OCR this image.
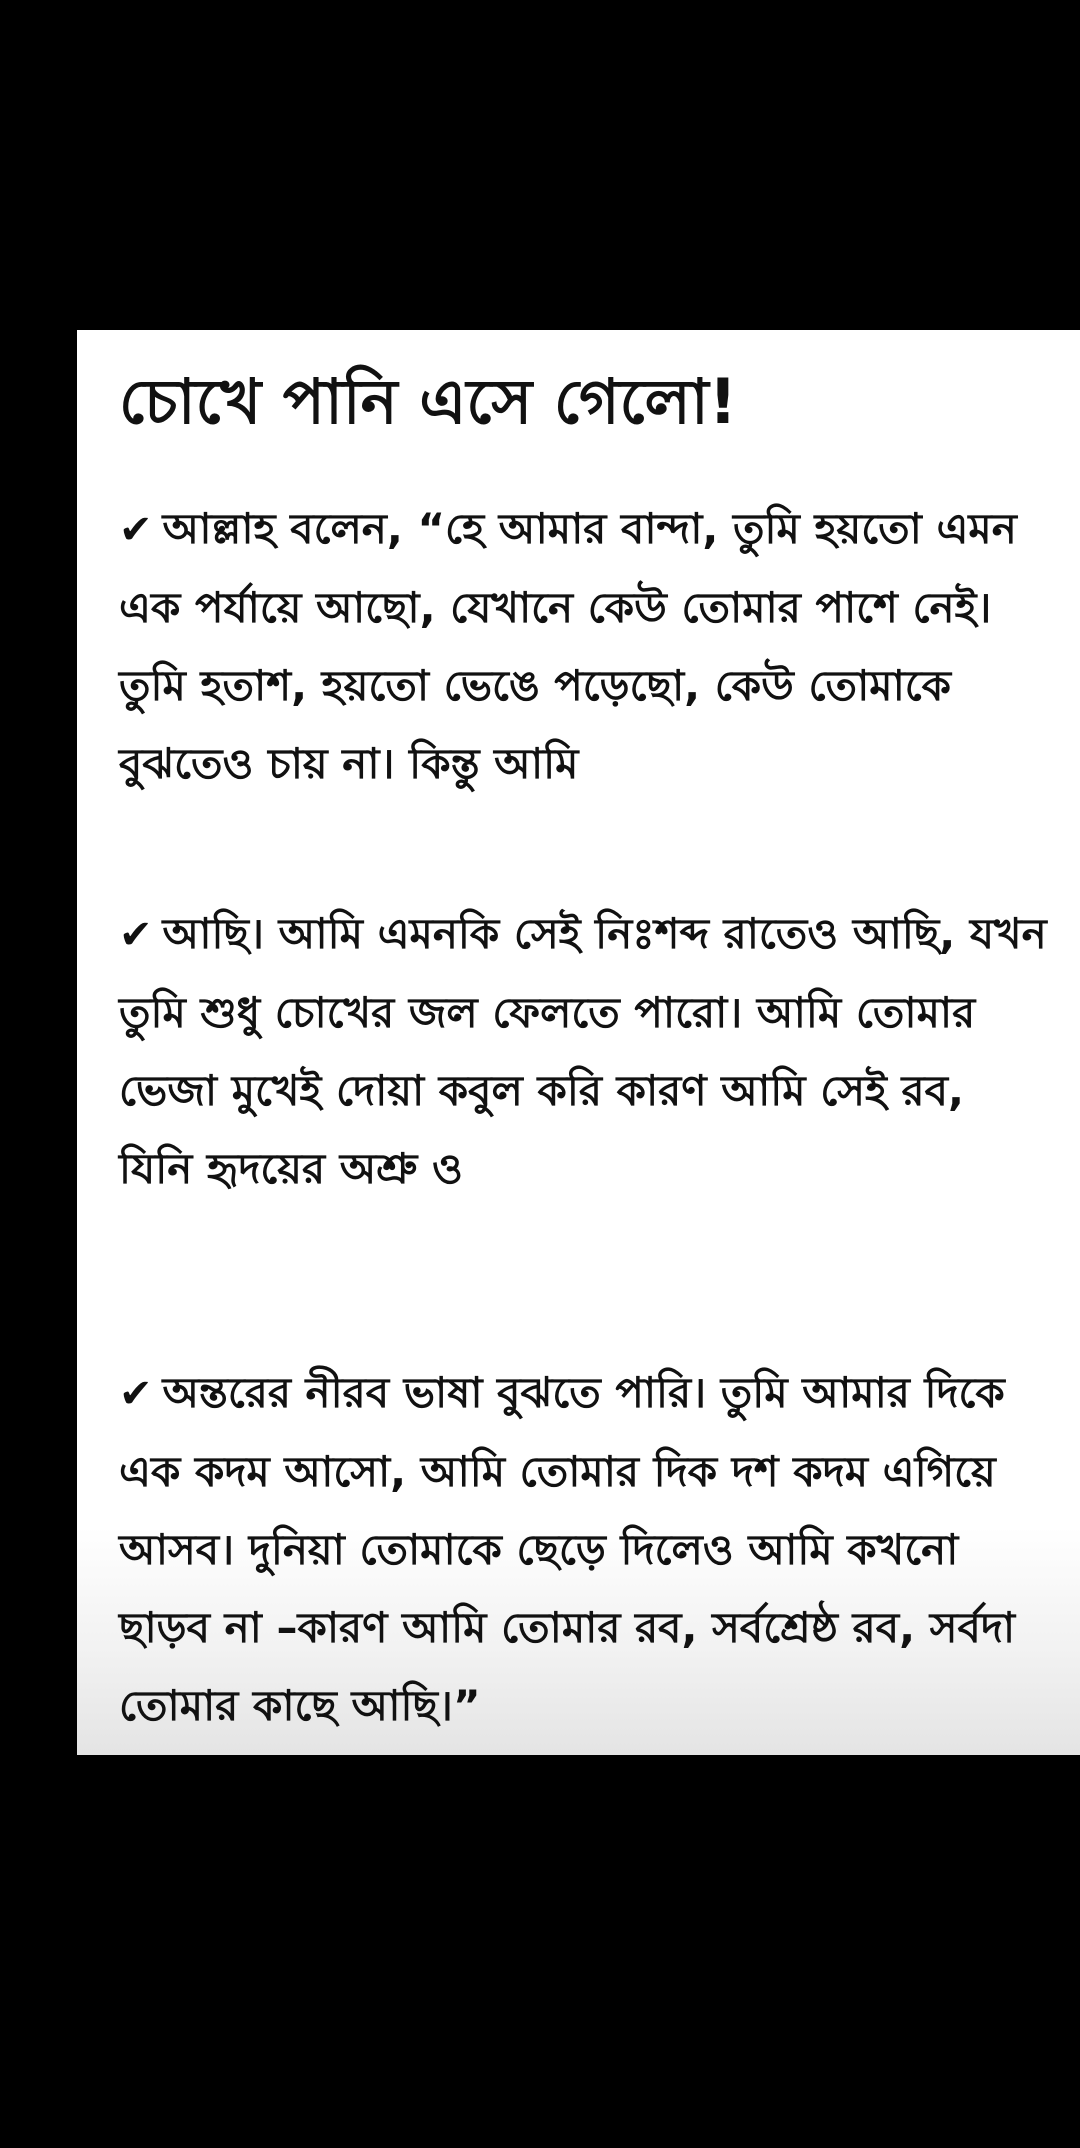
চোখে পানি এসে গেলো!

✔ আল্লাহ বলেন, “হে আমার বান্দা, তুমি হয়তো এমন এক পর্যায়ে আছো, যেখানে কেউ তোমার পাশে নেই। তুমি হতাশ, হয়তো ভেঙে পড়েছো, কেউ তোমাকে বুঝতেও চায় না। কিন্তু আমি

✔ আছি। আমি এমনকি সেই নিঃশব্দ রাতেও আছি, যখন তুমি শুধু চোখের জল ফেলতে পারো। আমি তোমার ভেজা মুখেই দোয়া কবুল করি কারণ আমি সেই রব, যিনি হৃদয়ের অশ্রু ও

✔ অন্তরের নীরব ভাষা বুঝতে পারি। তুমি আমার দিকে এক কদম আসো, আমি তোমার দিক দশ কদম এগিয়ে আসব। দুনিয়া তোমাকে ছেড়ে দিলেও আমি কখনো ছাড়ব না –কারণ আমি তোমার রব, সর্বশ্রেষ্ঠ রব, সর্বদা তোমার কাছে আছি।”
